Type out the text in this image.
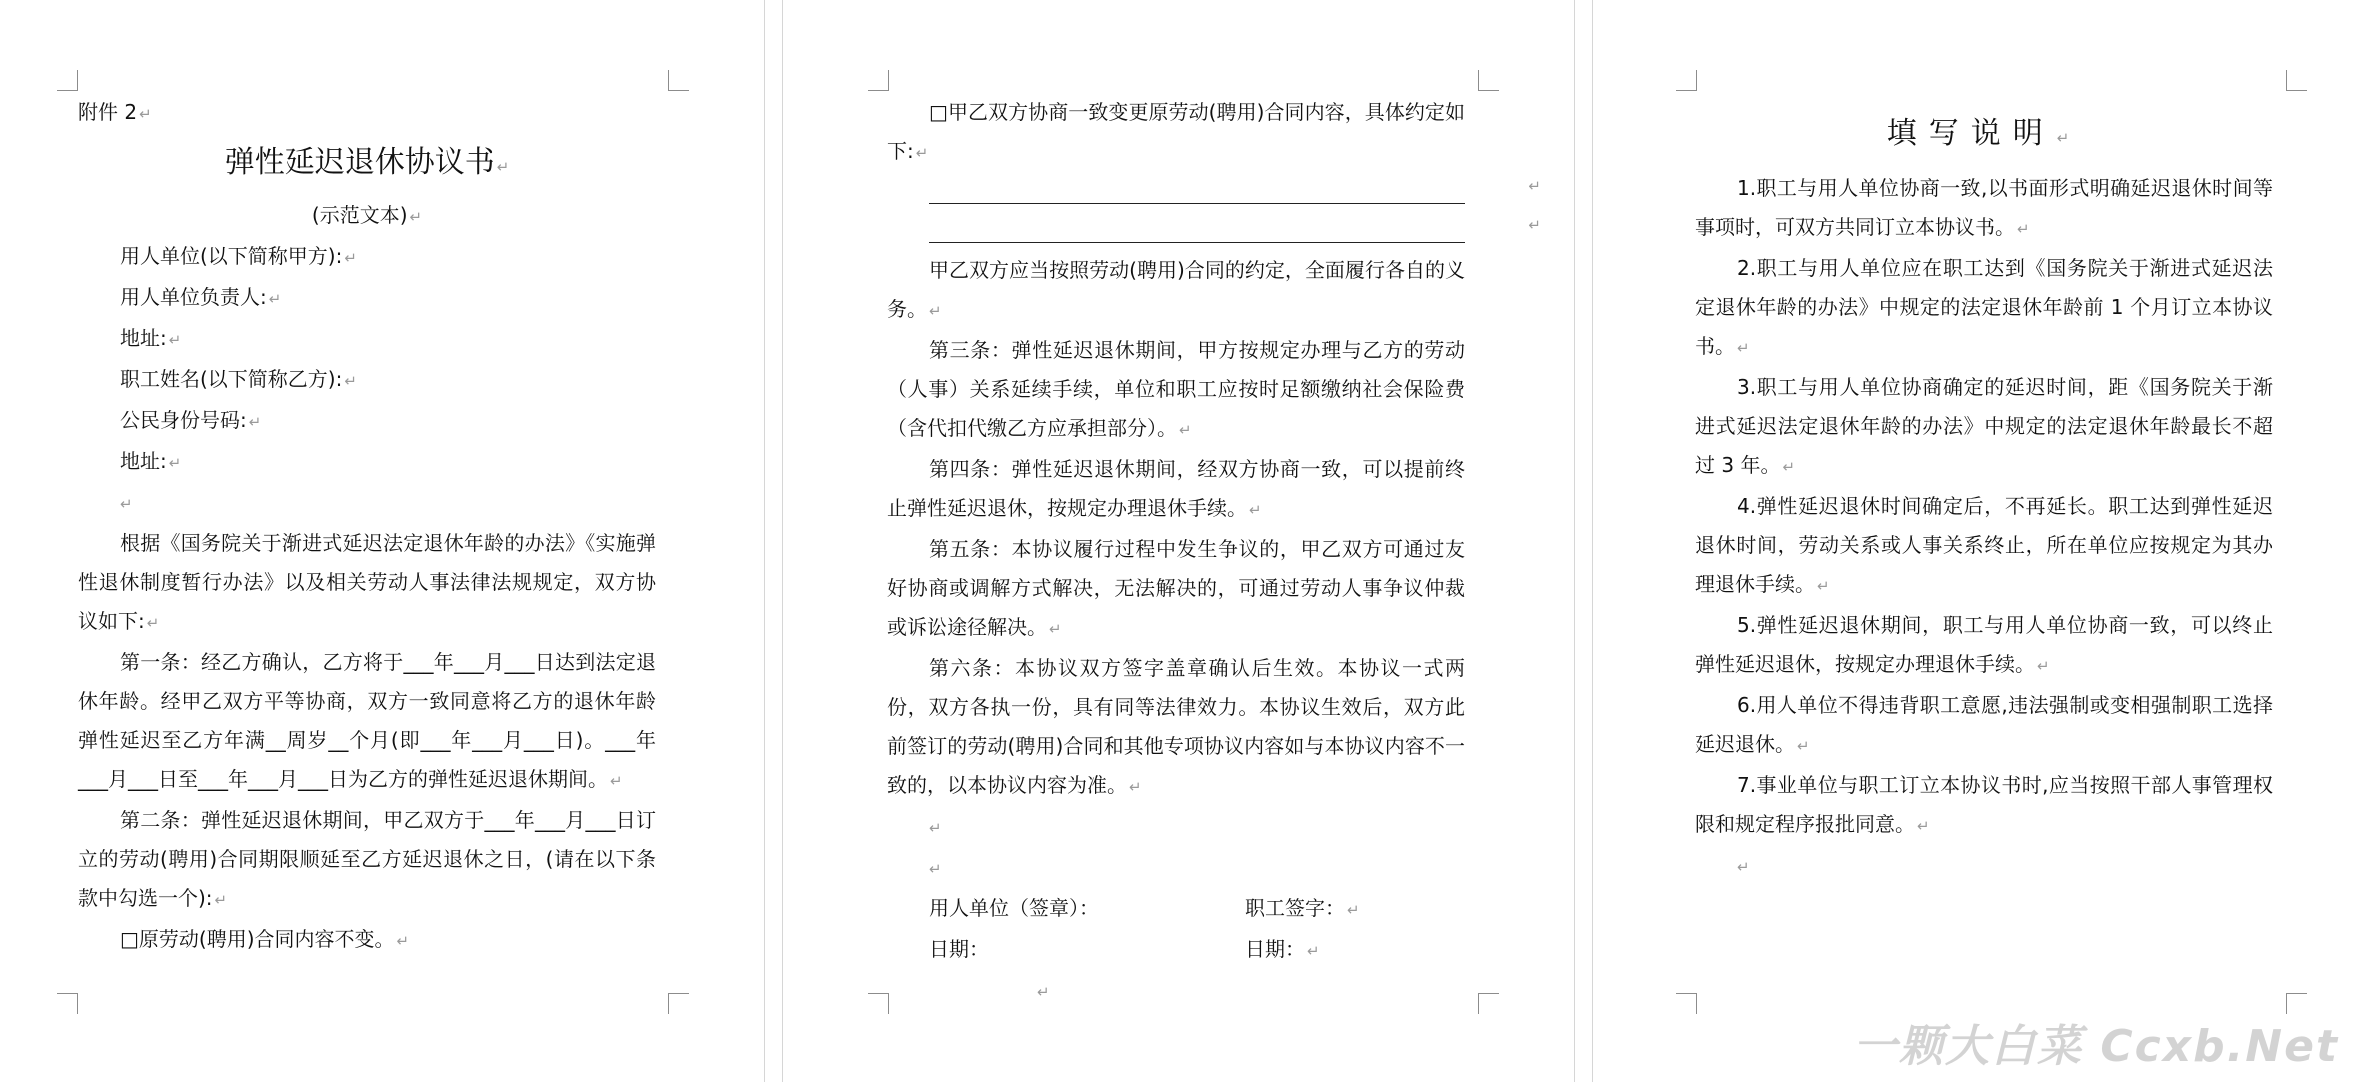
附件 2 ↵

弹性延迟退休协议书 ↵

(示范文本) ↵

用人单位(以下简称甲方): ↵

用人单位负责人: ↵

地址: ↵

职工姓名(以下简称乙方): ↵

公民身份号码: ↵

地址: ↵

↵

根据《国务院关于渐进式延迟法定退休年龄的办法》《实施弹性退休制度暂行办法》以及相关劳动人事法律法规规定，双方协议如下: ↵

第一条：经乙方确认，乙方将于___年___月___日达到法定退休年龄。经甲乙双方平等协商，双方一致同意将乙方的退休年龄弹性延迟至乙方年满__周岁__个月(即___年___月___日)。___年___月___日至___年___月___日为乙方的弹性延迟退休期间。 ↵

第二条：弹性延迟退休期间，甲乙双方于___年___月___日订立的劳动(聘用)合同期限顺延至乙方延迟退休之日，(请在以下条款中勾选一个): ↵

□原劳动(聘用)合同内容不变。 ↵

□甲乙双方协商一致变更原劳动(聘用)合同内容，具体约定如下: ↵

↵
↵

甲乙双方应当按照劳动(聘用)合同的约定，全面履行各自的义务。 ↵

第三条：弹性延迟退休期间，甲方按规定办理与乙方的劳动（人事）关系延续手续，单位和职工应按时足额缴纳社会保险费（含代扣代缴乙方应承担部分）。 ↵

第四条：弹性延迟退休期间，经双方协商一致，可以提前终止弹性延迟退休，按规定办理退休手续。 ↵

第五条：本协议履行过程中发生争议的，甲乙双方可通过友好协商或调解方式解决，无法解决的，可通过劳动人事争议仲裁或诉讼途径解决。 ↵

第六条：本协议双方签字盖章确认后生效。本协议一式两份，双方各执一份，具有同等法律效力。本协议生效后，双方此前签订的劳动(聘用)合同和其他专项协议内容如与本协议内容不一致的，以本协议内容为准。 ↵

↵

↵

用人单位（签章）：	职工签字： ↵
日期：	日期： ↵

↵

填写说明 ↵

1.职工与用人单位协商一致,以书面形式明确延迟退休时间等事项时，可双方共同订立本协议书。 ↵

2.职工与用人单位应在职工达到《国务院关于渐进式延迟法定退休年龄的办法》中规定的法定退休年龄前 1 个月订立本协议书。 ↵

3.职工与用人单位协商确定的延迟时间，距《国务院关于渐进式延迟法定退休年龄的办法》中规定的法定退休年龄最长不超过 3 年。 ↵

4.弹性延迟退休时间确定后，不再延长。职工达到弹性延迟退休时间，劳动关系或人事关系终止，所在单位应按规定为其办理退休手续。 ↵

5.弹性延迟退休期间，职工与用人单位协商一致，可以终止弹性延迟退休，按规定办理退休手续。 ↵

6.用人单位不得违背职工意愿,违法强制或变相强制职工选择延迟退休。 ↵

7.事业单位与职工订立本协议书时,应当按照干部人事管理权限和规定程序报批同意。 ↵

↵

一颗大白菜 Ccxb.Net
